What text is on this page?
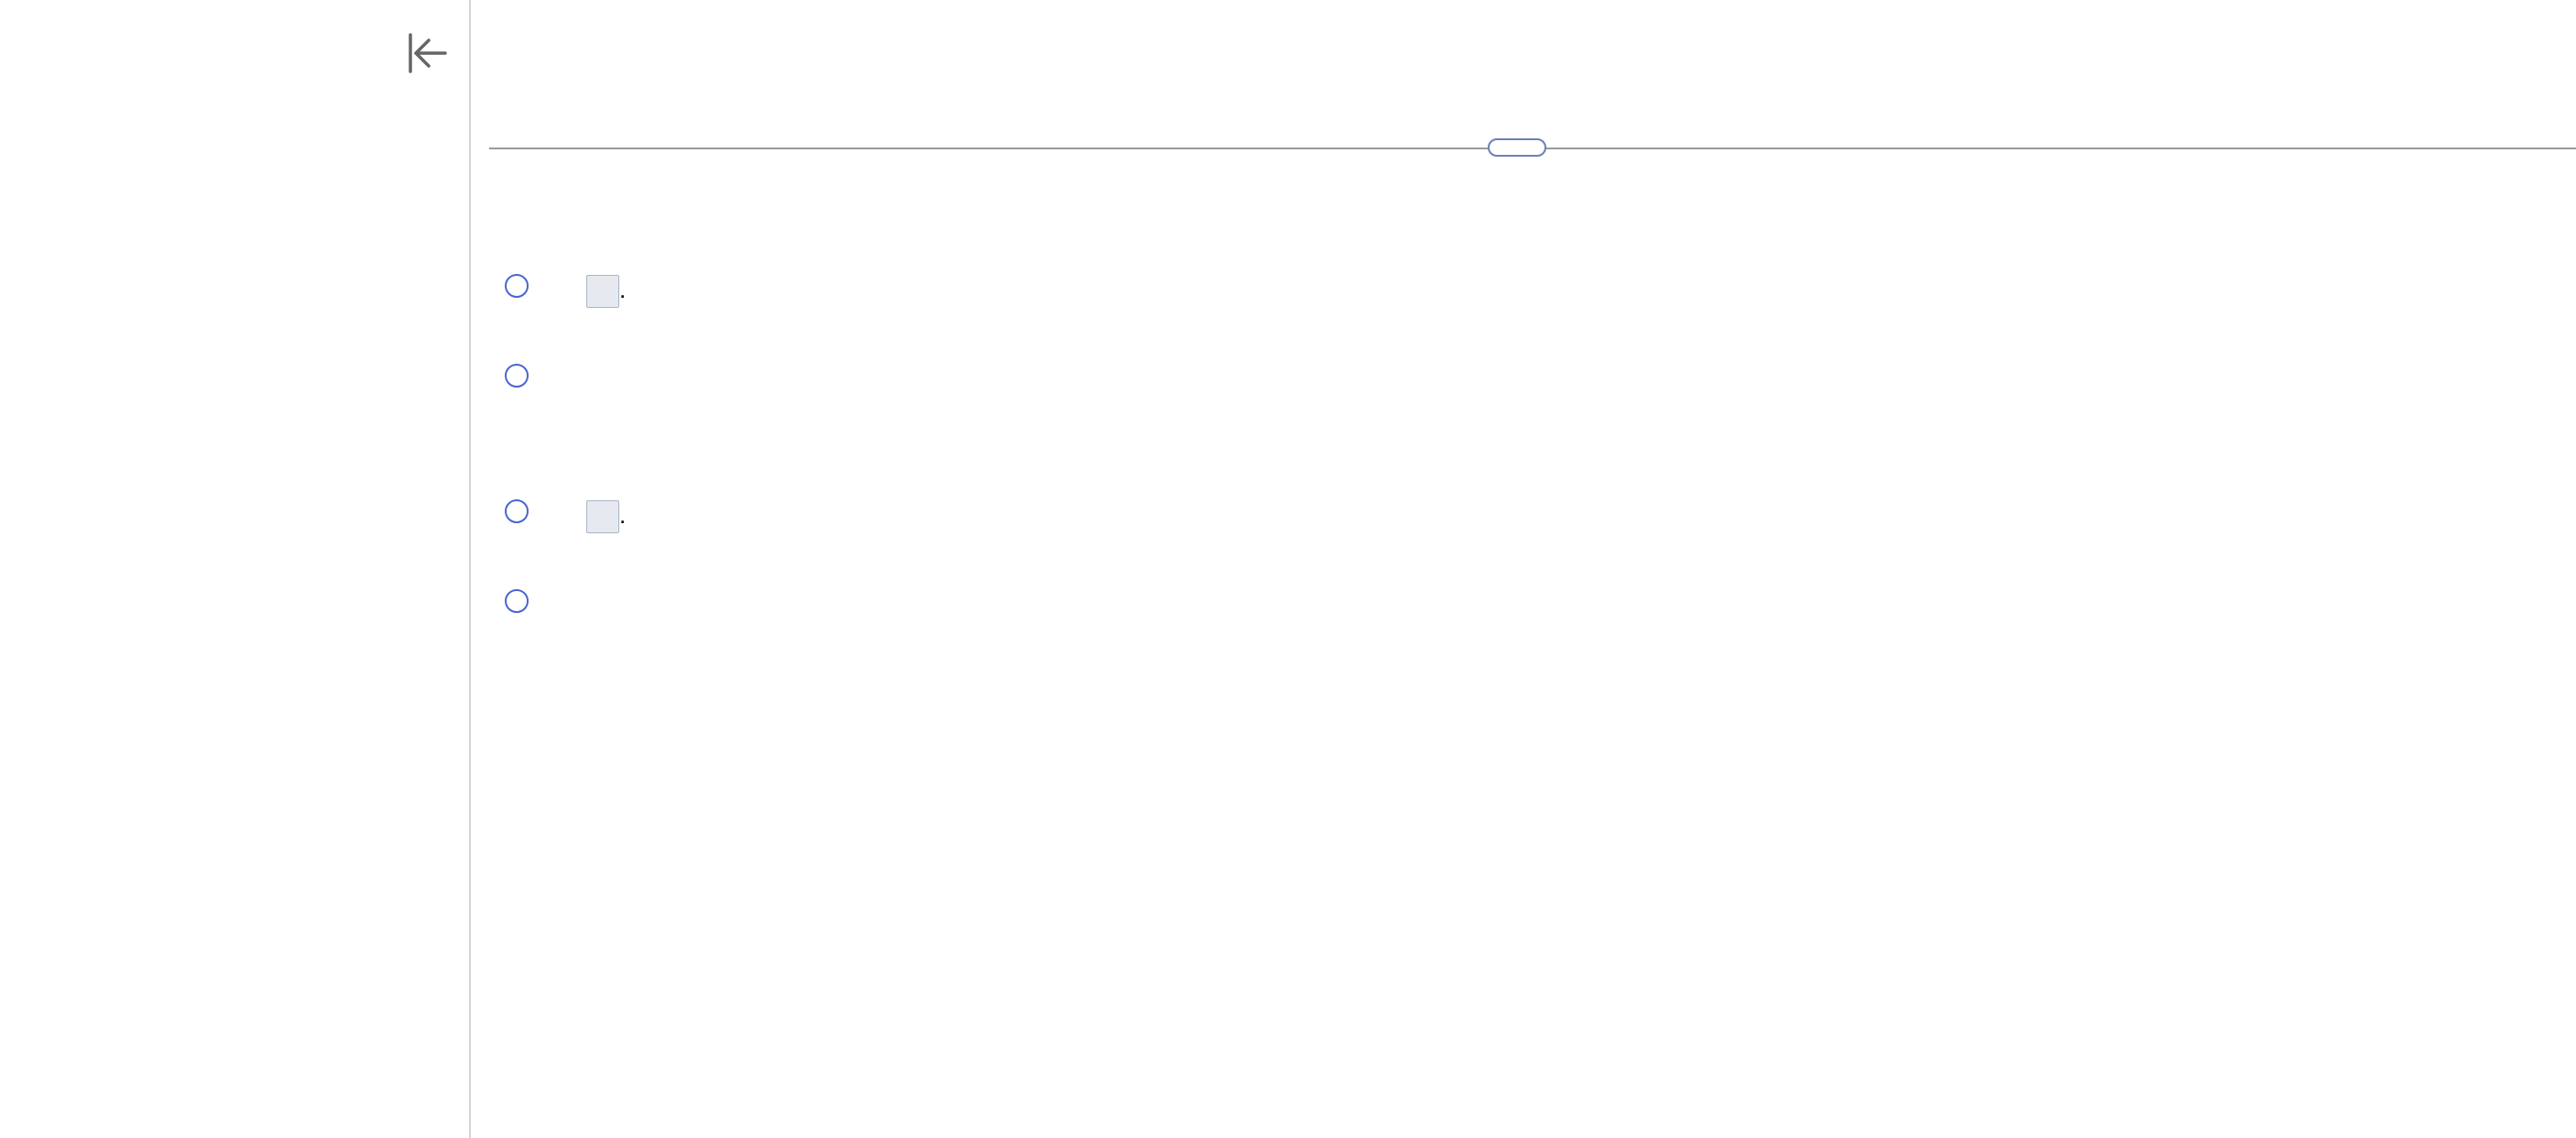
.
.
